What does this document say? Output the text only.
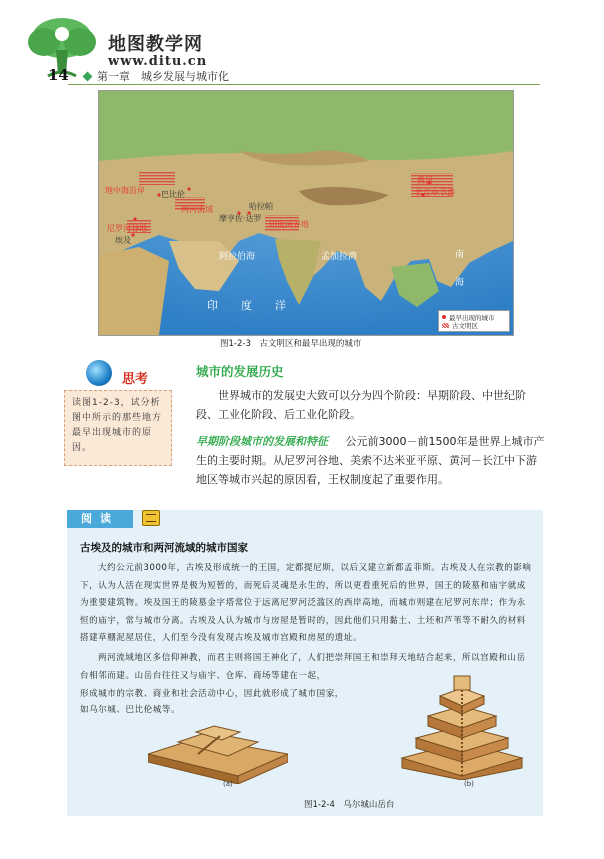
地图教学网
www.ditu.cn
14	第一章　城乡发展与城市化
地中海沿岸
两河流域
尼罗河谷地
埃及
巴比伦
印度河谷地
摩亨佐·达罗
哈拉帕
黄河
长江中下游
阿拉伯海	孟加拉湾
印　度　洋
南
海
最早出现的城市
古文明区
图1-2-3　古文明区和最早出现的城市
思考
读图1-2-3，试分析图中所示的那些地方最早出现城市的原因。
城市的发展历史
世界城市的发展史大致可以分为四个阶段：早期阶段、中世纪阶段、工业化阶段、后工业化阶段。
早期阶段城市的发展和特征 公元前3000－前1500年是世界上城市产生的主要时期。从尼罗河谷地、美索不达米亚平原、黄河－长江中下游地区等城市兴起的原因看，王权制度起了重要作用。
阅读
古埃及的城市和两河流域的城市国家
大约公元前3000年，古埃及形成统一的王国，定都提尼斯，以后又建立新都孟菲斯。古埃及人在宗教的影响下，认为人活在现实世界是极为短暂的，而死后灵魂是永生的，所以更看重死后的世界，国王的陵墓和庙宇就成为重要建筑物。埃及国王的陵墓金字塔常位于远离尼罗河泛滥区的西岸高地，而城市则建在尼罗河东岸；作为永恒的庙宇，常与城市分离。古埃及人认为城市与房屋是暂时的，因此他们只用黏土、土坯和芦苇等不耐久的材料搭建草棚泥屋居住，人们至今没有发现古埃及城市宫殿和房屋的遗址。
两河流域地区多信仰神教，而君主则将国王神化了，人们把崇拜国王和崇拜天地结合起来，所以宫殿和山岳台相邻而建。山岳台往往又与庙宇、仓库、商场等建在一起，
形成城市的宗教、商业和社会活动中心，因此就形成了城市国家，
如乌尔城、巴比伦城等。
(a)	(b)
图1-2-4　乌尔城山岳台
